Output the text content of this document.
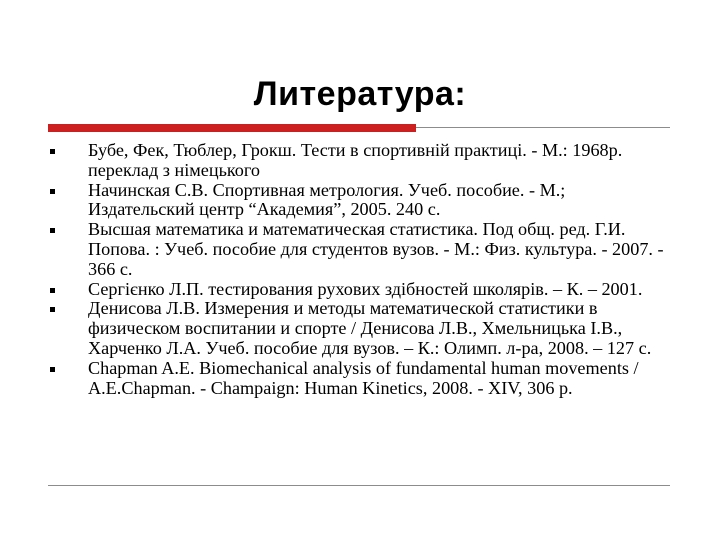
Литература:
Бубе, Фек, Тюблер, Грокш. Тести в спортивній практиці. - М.: 1968р. переклад з німецького
Начинская С.В. Спортивная метрология. Учеб. пособие. - М.; Издательский центр “Академия”, 2005. 240 с.
Высшая математика и математическая статистика. Под общ. ред. Г.И. Попова. : Учеб. пособие для студентов вузов. - М.: Физ. культура. - 2007. - 366 с.
Сергієнко Л.П. тестирования рухових здібностей школярів. – К. – 2001.
Денисова Л.В. Измерения и методы математической статистики в физическом воспитании и спорте / Денисова Л.В., Хмельницька І.В., Харченко Л.А. Учеб. пособие для вузов. – К.: Олимп. л-ра, 2008. – 127 с.
Chapman A.E. Biomechanical analysis of fundamental human movements / A.E.Chapman. - Champaign: Human Kinetics, 2008. - XIV, 306 p.
